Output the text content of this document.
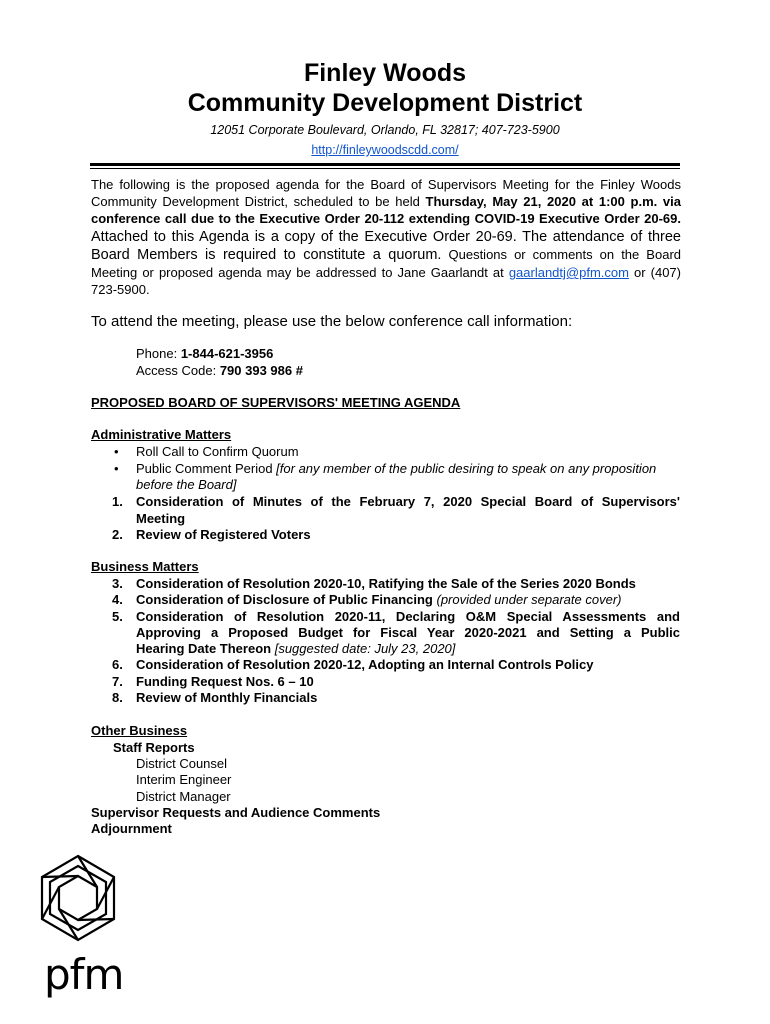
Finley Woods
Community Development District
12051 Corporate Boulevard, Orlando, FL 32817; 407-723-5900
http://finleywoodscdd.com/
The following is the proposed agenda for the Board of Supervisors Meeting for the Finley Woods Community Development District, scheduled to be held Thursday, May 21, 2020 at 1:00 p.m. via conference call due to the Executive Order 20-112 extending COVID-19 Executive Order 20-69. Attached to this Agenda is a copy of the Executive Order 20-69. The attendance of three Board Members is required to constitute a quorum. Questions or comments on the Board Meeting or proposed agenda may be addressed to Jane Gaarlandt at gaarlandtj@pfm.com or (407) 723-5900.
To attend the meeting, please use the below conference call information:
Phone: 1-844-621-3956
Access Code: 790 393 986 #
PROPOSED BOARD OF SUPERVISORS' MEETING AGENDA
Administrative Matters
• Roll Call to Confirm Quorum
• Public Comment Period [for any member of the public desiring to speak on any proposition
before the Board]
1. Consideration of Minutes of the February 7, 2020 Special Board of Supervisors'
Meeting
2. Review of Registered Voters
Business Matters
3. Consideration of Resolution 2020-10, Ratifying the Sale of the Series 2020 Bonds
4. Consideration of Disclosure of Public Financing (provided under separate cover)
5. Consideration of Resolution 2020-11, Declaring O&M Special Assessments and
Approving a Proposed Budget for Fiscal Year 2020-2021 and Setting a Public
Hearing Date Thereon [suggested date: July 23, 2020]
6. Consideration of Resolution 2020-12, Adopting an Internal Controls Policy
7. Funding Request Nos. 6 – 10
8. Review of Monthly Financials
Other Business
Staff Reports
District Counsel
Interim Engineer
District Manager
Supervisor Requests and Audience Comments
Adjournment
pfm
